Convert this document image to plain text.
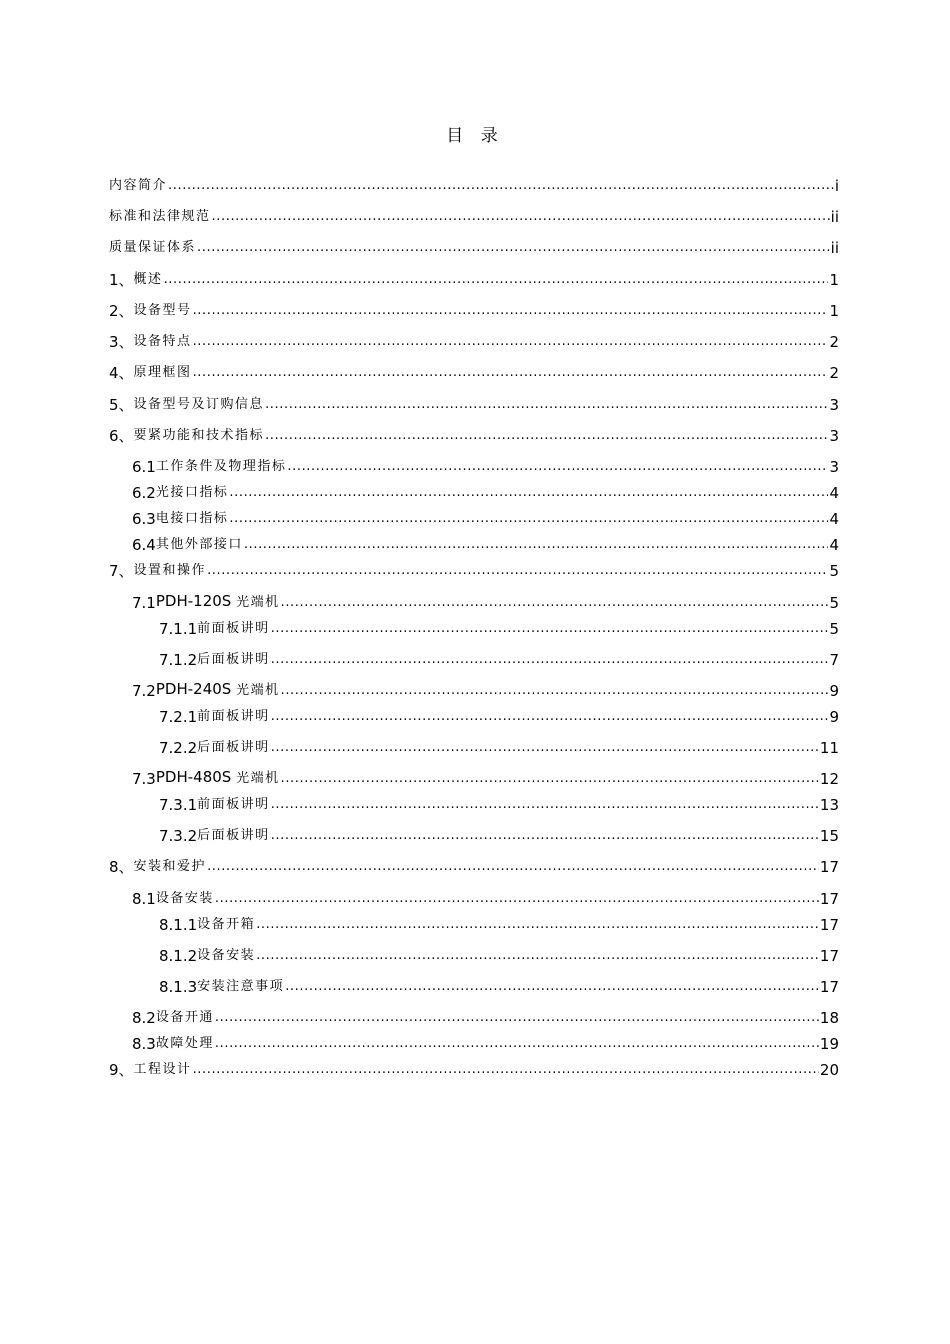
目 录
内容简介 .....	i
标准和法律规范 .....	ii
质量保证体系 .....	ii
1、 概述 .....	1
2、 设备型号 .....	1
3、 设备特点 .....	2
4、 原理框图 .....	2
5、 设备型号及订购信息 .....	3
6、 要紧功能和技术指标 .....	3
6.1 工作条件及物理指标 .....	3
6.2 光接口指标 .....	4
6.3 电接口指标 .....	4
6.4 其他外部接口 .....	4
7、 设置和操作 .....	5
7.1 PDH-120S 光端机 .....	5
7.1.1 前面板讲明 .....	5
7.1.2 后面板讲明 .....	7
7.2 PDH-240S 光端机 .....	9
7.2.1 前面板讲明 .....	9
7.2.2 后面板讲明 .....	11
7.3 PDH-480S 光端机 .....	12
7.3.1 前面板讲明 .....	13
7.3.2 后面板讲明 .....	15
8、 安装和爱护 .....	17
8.1 设备安装 .....	17
8.1.1 设备开箱 .....	17
8.1.2 设备安装 .....	17
8.1.3 安装注意事项 .....	17
8.2 设备开通 .....	18
8.3 故障处理 .....	19
9、 工程设计 .....	20
